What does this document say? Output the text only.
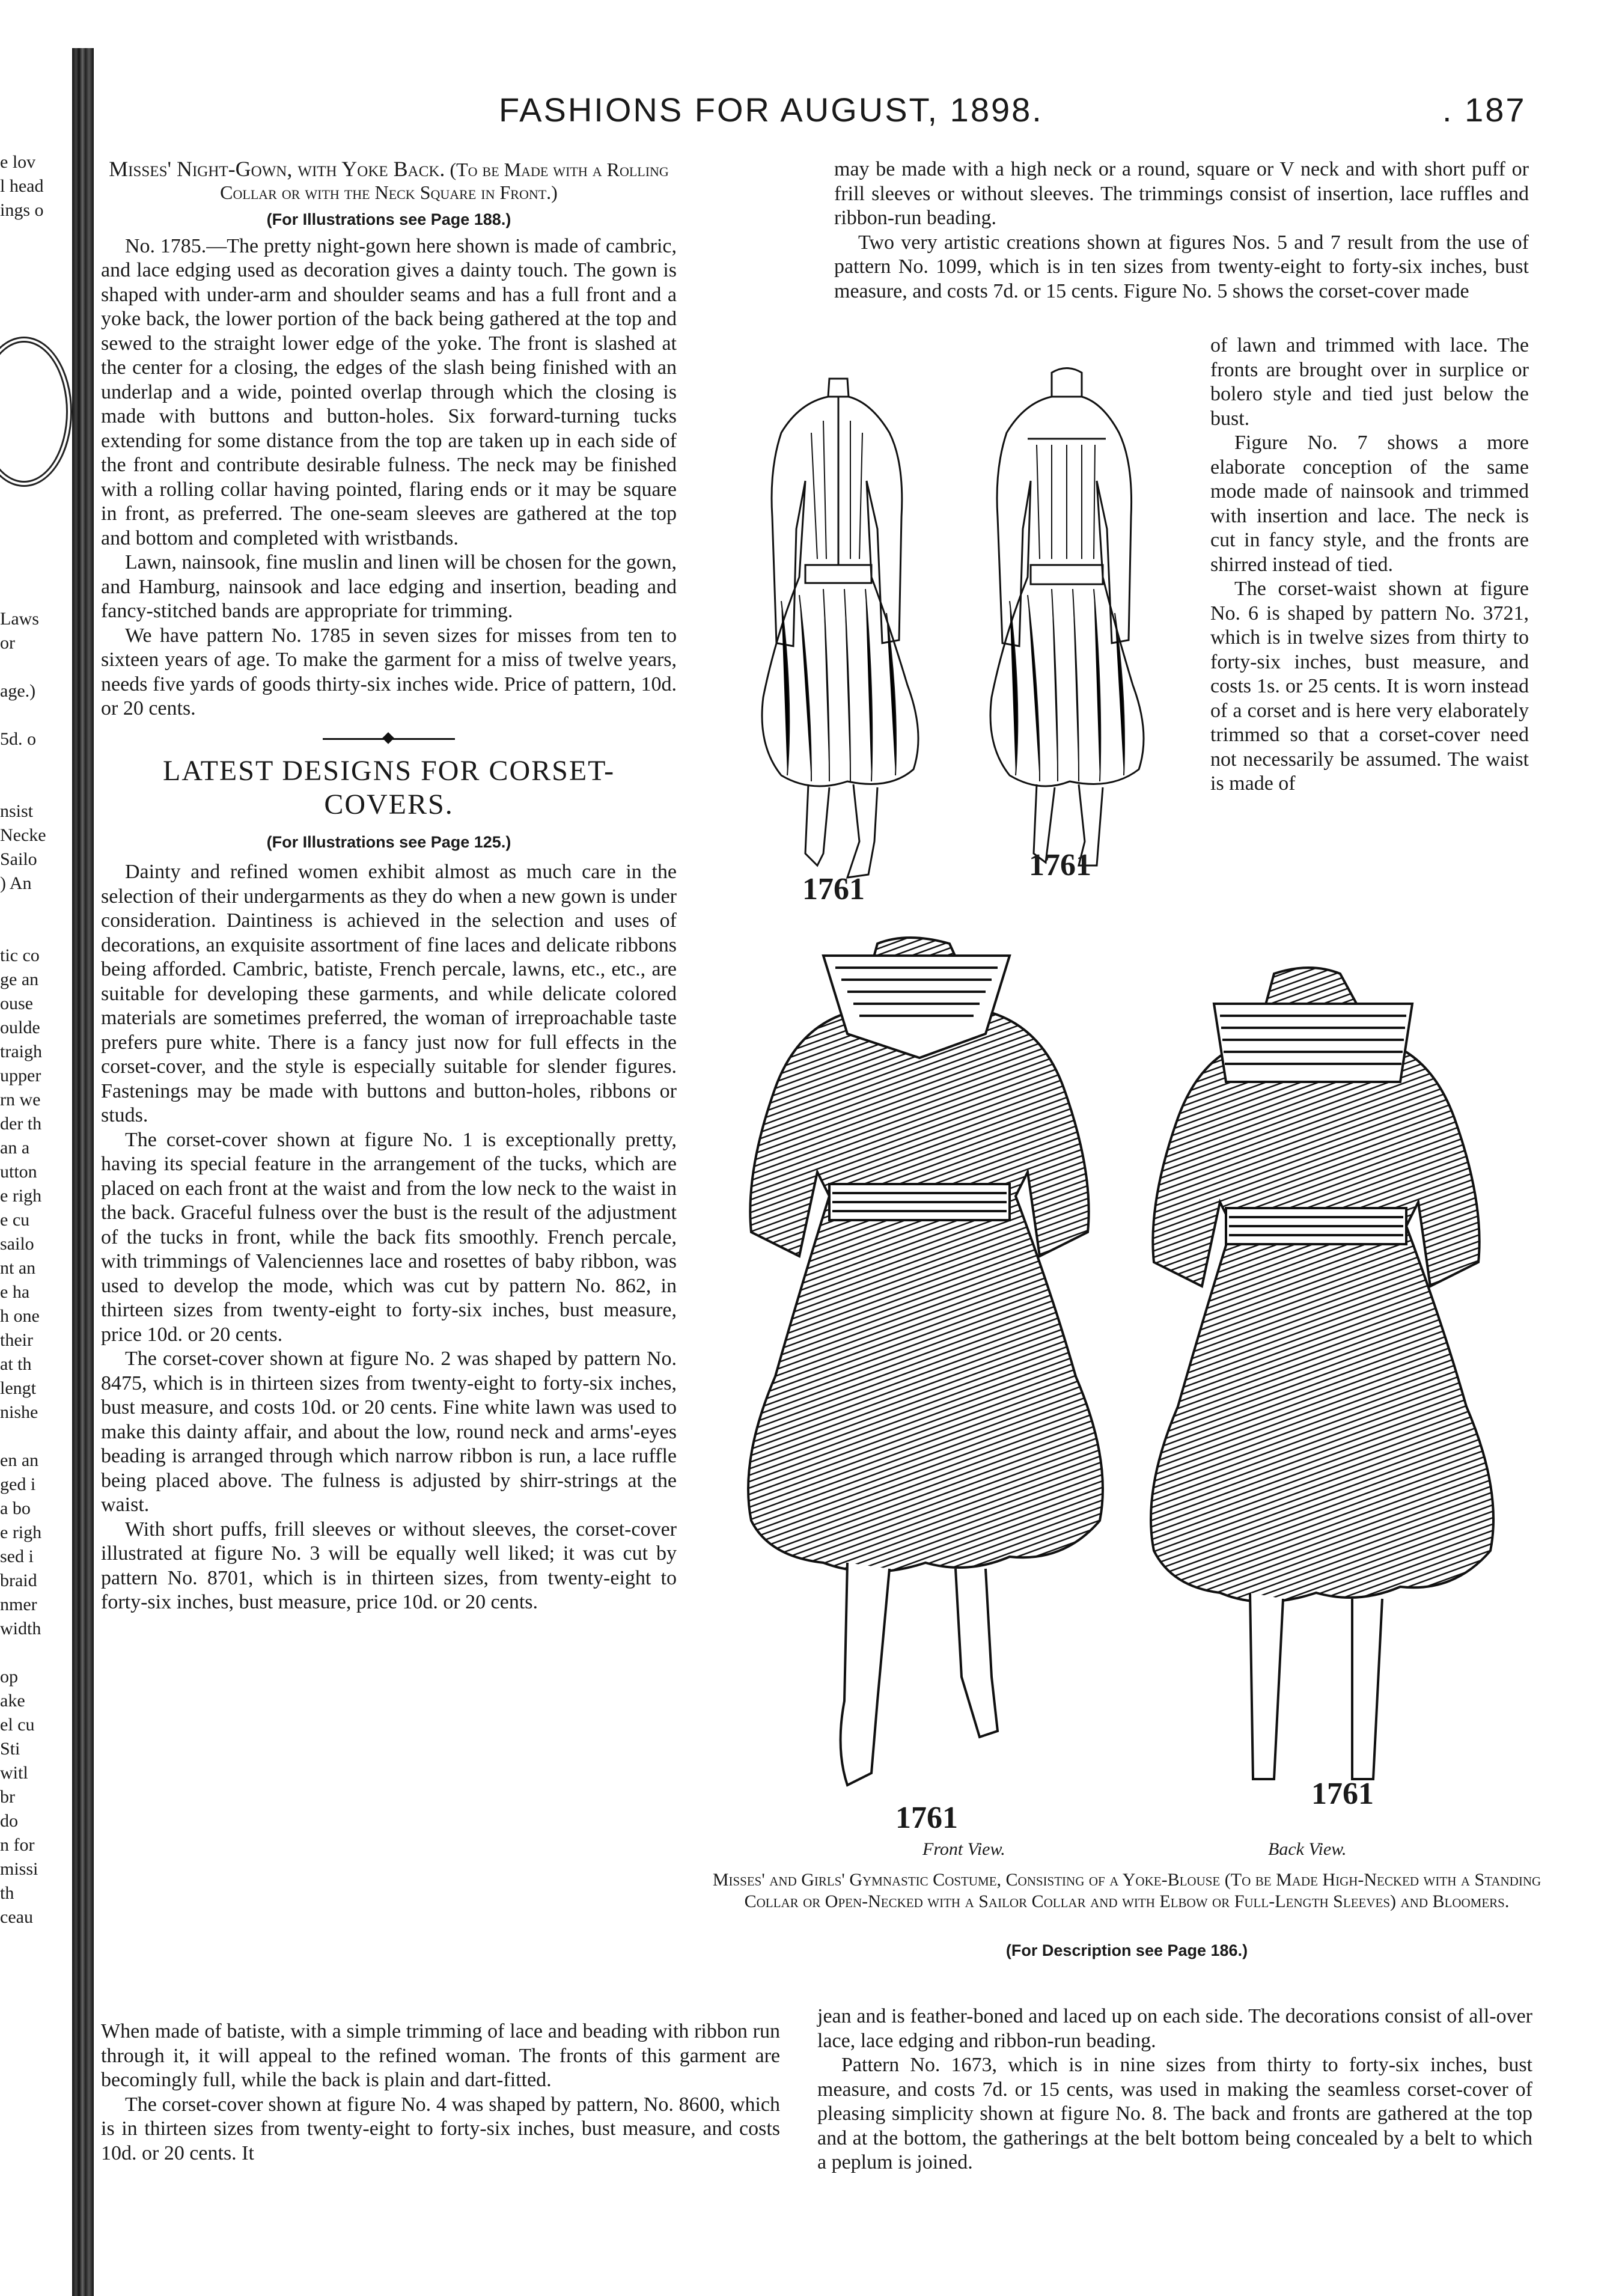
e lov
l head
ings o

Laws
or

age.)

5d. o

nsist
Necke
Sailo
) An

tic co
ge an
ouse
oulde
traigh
upper
rn we
der th
an a
utton
e righ
e cu
sailo
nt an
e ha
h one
their
at th
lengt
nishe

en an
ged i
a bo
e righ
sed i
braid
nmer
width

op
ake
el cu
Sti
witl
br
do
n for
missi
th
ceau
FASHIONS FOR AUGUST, 1898.	. 187
Misses' Night-Gown, with Yoke Back. (To be Made with a Rolling Collar or with the Neck Square in Front.)
(For Illustrations see Page 188.)

No. 1785.—The pretty night-gown here shown is made of cambric, and lace edging used as decoration gives a dainty touch. The gown is shaped with under-arm and shoulder seams and has a full front and a yoke back, the lower portion of the back being gathered at the top and sewed to the straight lower edge of the yoke. The front is slashed at the center for a closing, the edges of the slash being finished with an underlap and a wide, pointed overlap through which the closing is made with buttons and button-holes. Six forward-turning tucks extending for some distance from the top are taken up in each side of the front and contribute desirable fulness. The neck may be finished with a rolling collar having pointed, flaring ends or it may be square in front, as preferred. The one-seam sleeves are gathered at the top and bottom and completed with wristbands.

Lawn, nainsook, fine muslin and linen will be chosen for the gown, and Hamburg, nainsook and lace edging and insertion, beading and fancy-stitched bands are appropriate for trimming.

We have pattern No. 1785 in seven sizes for misses from ten to sixteen years of age. To make the garment for a miss of twelve years, needs five yards of goods thirty-six inches wide. Price of pattern, 10d. or 20 cents.

LATEST DESIGNS FOR CORSET-COVERS.
(For Illustrations see Page 125.)

Dainty and refined women exhibit almost as much care in the selection of their undergarments as they do when a new gown is under consideration. Daintiness is achieved in the selection and uses of decorations, an exquisite assortment of fine laces and delicate ribbons being afforded. Cambric, batiste, French percale, lawns, etc., etc., are suitable for developing these garments, and while delicate colored materials are sometimes preferred, the woman of irreproachable taste prefers pure white. There is a fancy just now for full effects in the corset-cover, and the style is especially suitable for slender figures. Fastenings may be made with buttons and button-holes, ribbons or studs.

The corset-cover shown at figure No. 1 is exceptionally pretty, having its special feature in the arrangement of the tucks, which are placed on each front at the waist and from the low neck to the waist in the back. Graceful fulness over the bust is the result of the adjustment of the tucks in front, while the back fits smoothly. French percale, with trimmings of Valenciennes lace and rosettes of baby ribbon, was used to develop the mode, which was cut by pattern No. 862, in thirteen sizes from twenty-eight to forty-six inches, bust measure, price 10d. or 20 cents.

The corset-cover shown at figure No. 2 was shaped by pattern No. 8475, which is in thirteen sizes from twenty-eight to forty-six inches, bust measure, and costs 10d. or 20 cents. Fine white lawn was used to make this dainty affair, and about the low, round neck and arms'-eyes beading is arranged through which narrow ribbon is run, a lace ruffle being placed above. The fulness is adjusted by shirr-strings at the waist.

With short puffs, frill sleeves or without sleeves, the corset-cover illustrated at figure No. 3 will be equally well liked; it was cut by pattern No. 8701, which is in thirteen sizes, from twenty-eight to forty-six inches, bust measure, price 10d. or 20 cents.

When made of batiste, with a simple trimming of lace and beading with ribbon run through it, it will appeal to the refined woman. The fronts of this garment are becomingly full, while the back is plain and dart-fitted.

The corset-cover shown at figure No. 4 was shaped by pattern, No. 8600, which is in thirteen sizes from twenty-eight to forty-six inches, bust measure, and costs 10d. or 20 cents. It

may be made with a high neck or a round, square or V neck and with short puff or frill sleeves or without sleeves. The trimmings consist of insertion, lace ruffles and ribbon-run beading.

Two very artistic creations shown at figures Nos. 5 and 7 result from the use of pattern No. 1099, which is in ten sizes from twenty-eight to forty-six inches, bust measure, and costs 7d. or 15 cents. Figure No. 5 shows the corset-cover made

of lawn and trimmed with lace. The fronts are brought over in surplice or bolero style and tied just below the bust.

Figure No. 7 shows a more elaborate conception of the same mode made of nainsook and trimmed with insertion and lace. The neck is cut in fancy style, and the fronts are shirred instead of tied.

The corset-waist shown at figure No. 6 is shaped by pattern No. 3721, which is in twelve sizes from thirty to forty-six inches, bust measure, and costs 1s. or 25 cents. It is worn instead of a corset and is here very elaborately trimmed so that a corset-cover need not necessarily be assumed. The waist is made of

1761
1761
1761
Front View.
1761
Back View.
Misses' and Girls' Gymnastic Costume, Consisting of a Yoke-Blouse (To be Made High-Necked with a Standing Collar or Open-Necked with a Sailor Collar and with Elbow or Full-Length Sleeves) and Bloomers.
(For Description see Page 186.)

jean and is feather-boned and laced up on each side. The decorations consist of all-over lace, lace edging and ribbon-run beading.

Pattern No. 1673, which is in nine sizes from thirty to forty-six inches, bust measure, and costs 7d. or 15 cents, was used in making the seamless corset-cover of pleasing simplicity shown at figure No. 8. The back and fronts are gathered at the top and at the bottom, the gatherings at the belt bottom being concealed by a belt to which a peplum is joined.
